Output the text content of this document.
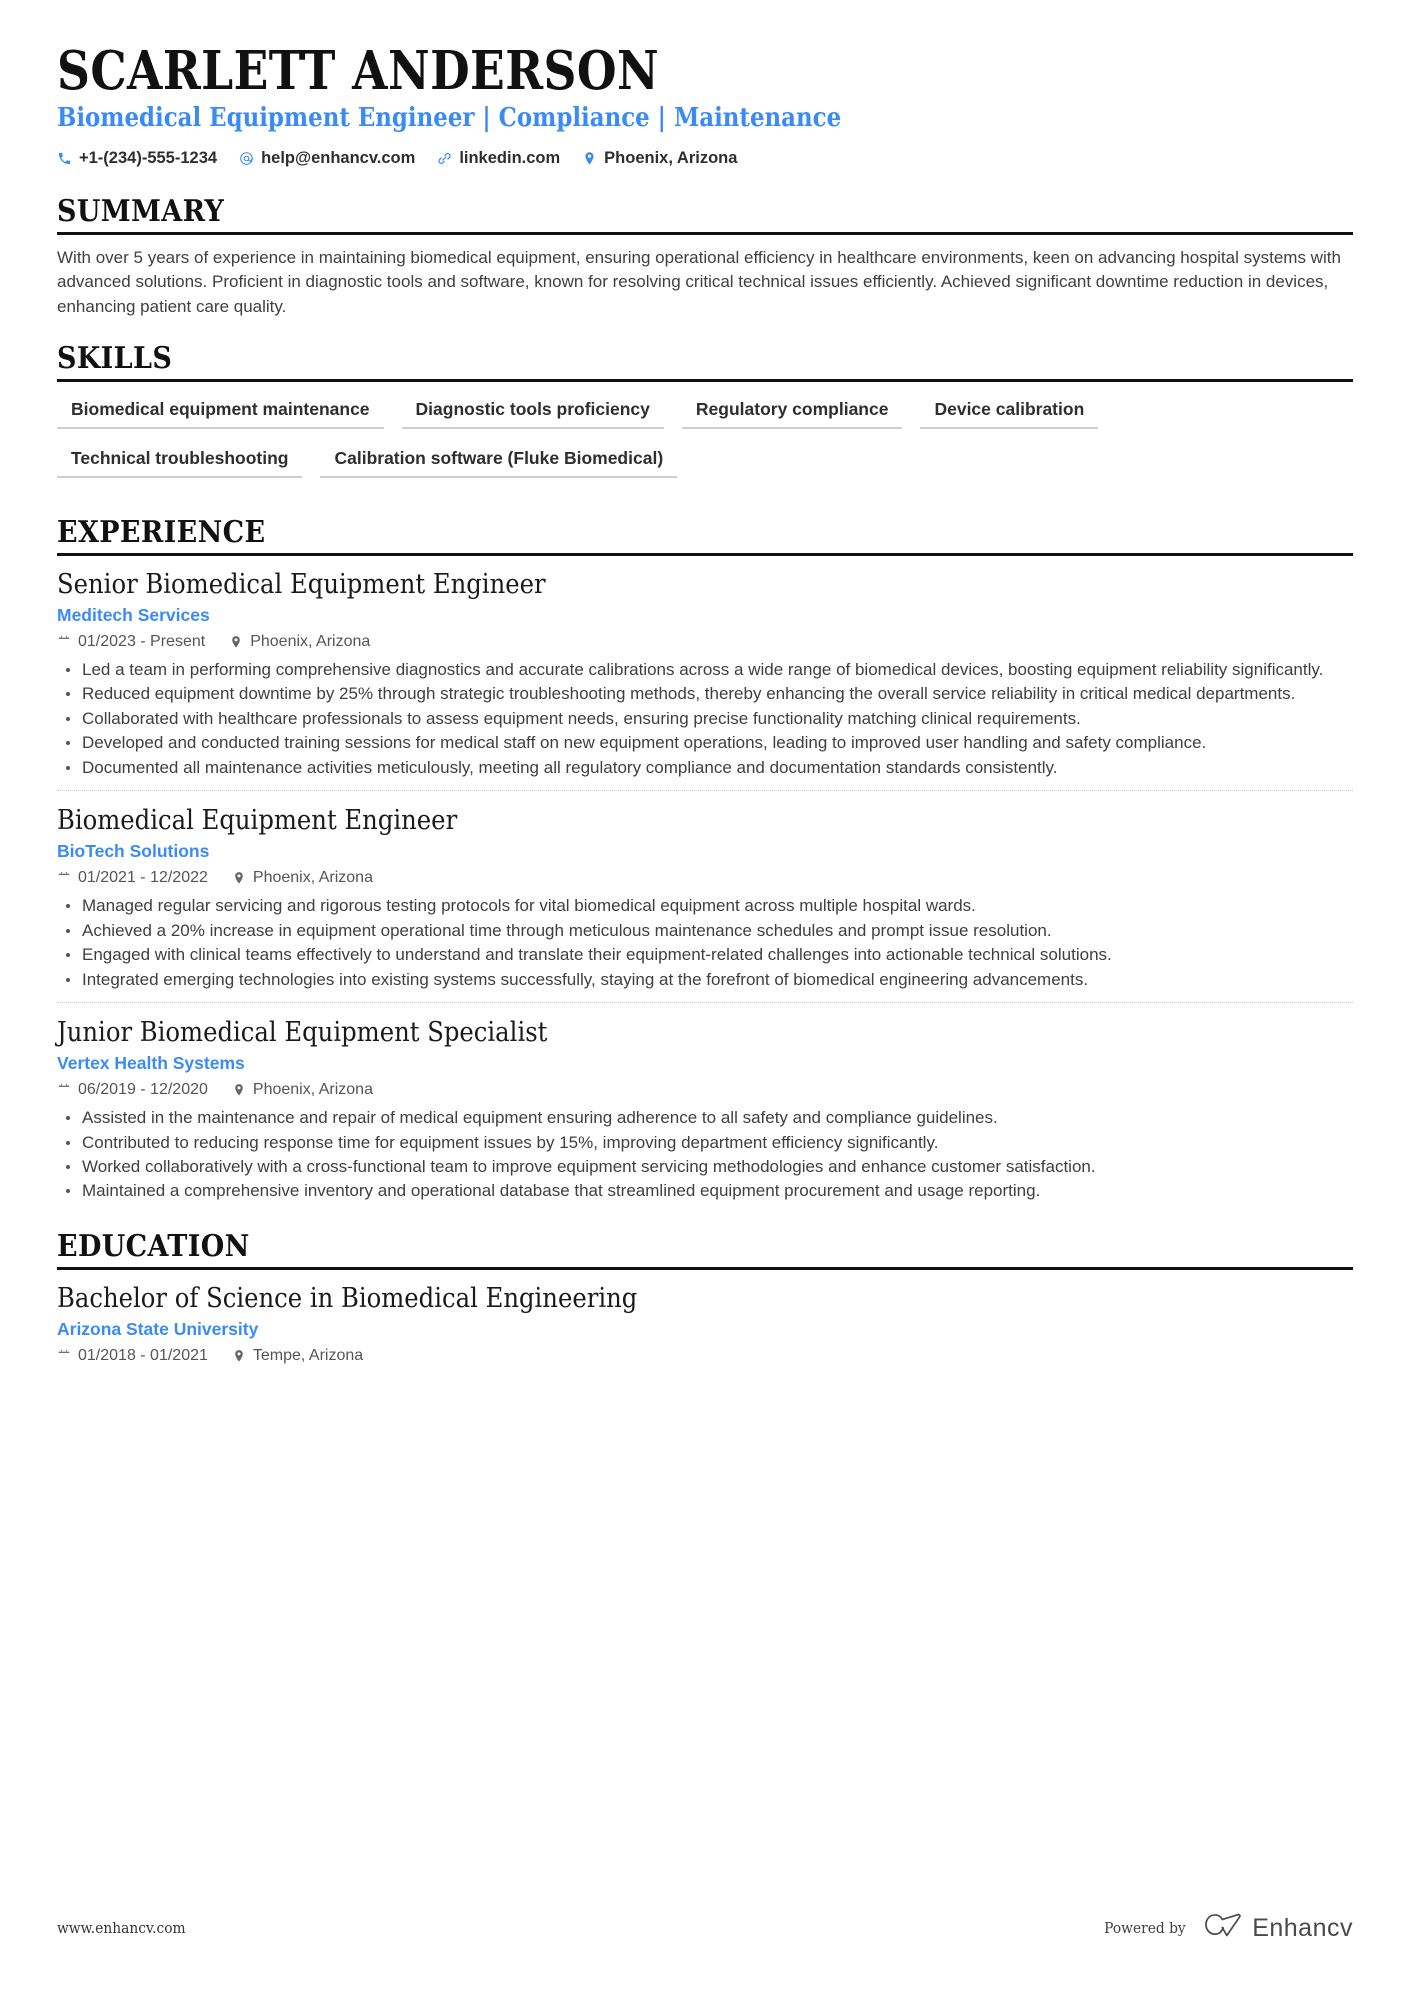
SCARLETT ANDERSON
Biomedical Equipment Engineer | Compliance | Maintenance
+1-(234)-555-1234	help@enhancv.com	linkedin.com	Phoenix, Arizona
SUMMARY

With over 5 years of experience in maintaining biomedical equipment, ensuring operational efficiency in healthcare environments, keen on advancing hospital systems with advanced solutions. Proficient in diagnostic tools and software, known for resolving critical technical issues efficiently. Achieved significant downtime reduction in devices, enhancing patient care quality.

SKILLS
Biomedical equipment maintenance	Diagnostic tools proficiency	Regulatory compliance	Device calibration
Technical troubleshooting	Calibration software (Fluke Biomedical)
EXPERIENCE
Senior Biomedical Equipment Engineer
Meditech Services
01/2023 - Present	Phoenix, Arizona
Led a team in performing comprehensive diagnostics and accurate calibrations across a wide range of biomedical devices, boosting equipment reliability significantly.
Reduced equipment downtime by 25% through strategic troubleshooting methods, thereby enhancing the overall service reliability in critical medical departments.
Collaborated with healthcare professionals to assess equipment needs, ensuring precise functionality matching clinical requirements.
Developed and conducted training sessions for medical staff on new equipment operations, leading to improved user handling and safety compliance.
Documented all maintenance activities meticulously, meeting all regulatory compliance and documentation standards consistently.
Biomedical Equipment Engineer
BioTech Solutions
01/2021 - 12/2022	Phoenix, Arizona
Managed regular servicing and rigorous testing protocols for vital biomedical equipment across multiple hospital wards.
Achieved a 20% increase in equipment operational time through meticulous maintenance schedules and prompt issue resolution.
Engaged with clinical teams effectively to understand and translate their equipment-related challenges into actionable technical solutions.
Integrated emerging technologies into existing systems successfully, staying at the forefront of biomedical engineering advancements.
Junior Biomedical Equipment Specialist
Vertex Health Systems
06/2019 - 12/2020	Phoenix, Arizona
Assisted in the maintenance and repair of medical equipment ensuring adherence to all safety and compliance guidelines.
Contributed to reducing response time for equipment issues by 15%, improving department efficiency significantly.
Worked collaboratively with a cross-functional team to improve equipment servicing methodologies and enhance customer satisfaction.
Maintained a comprehensive inventory and operational database that streamlined equipment procurement and usage reporting.
EDUCATION
Bachelor of Science in Biomedical Engineering
Arizona State University
01/2018 - 01/2021	Tempe, Arizona
www.enhancv.com	Powered by	Enhancv
